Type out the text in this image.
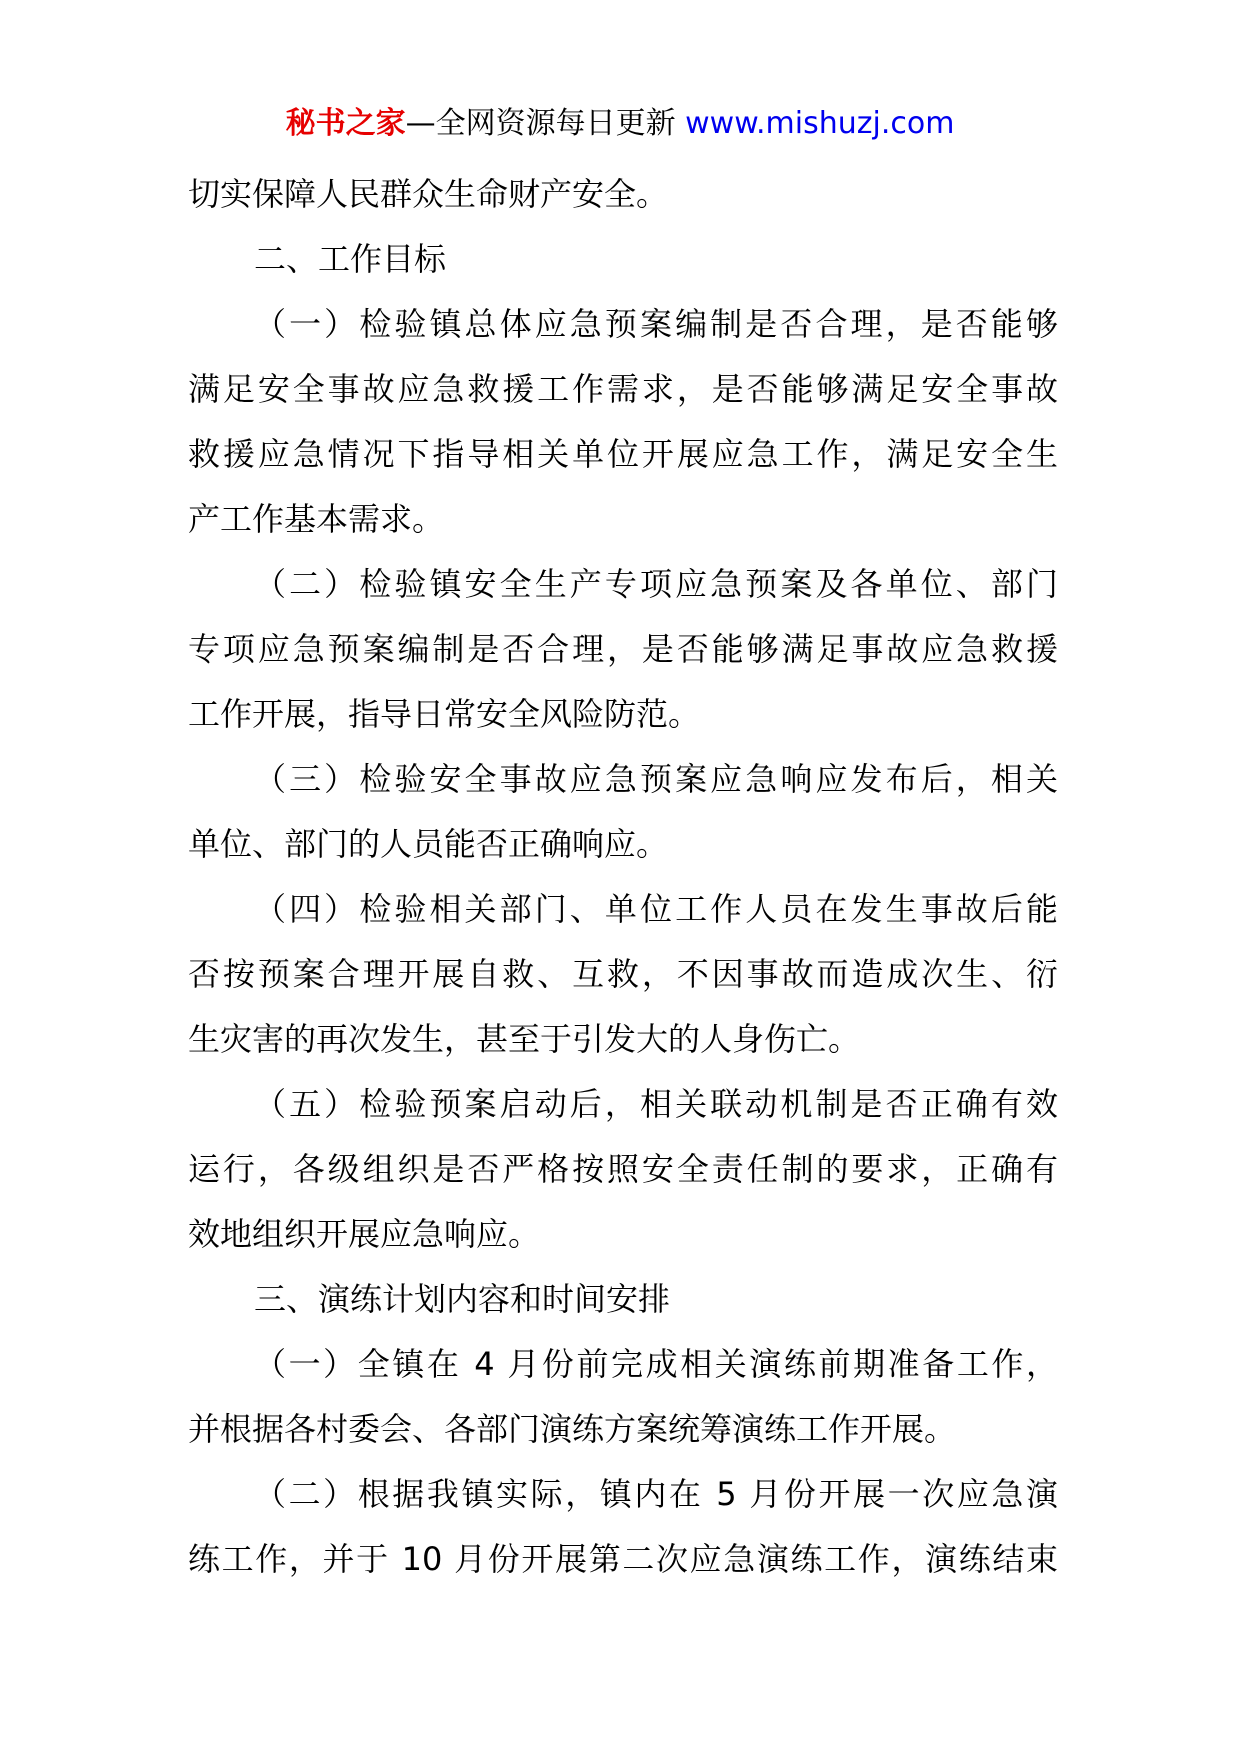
秘书之家—全网资源每日更新 www.mishuzj.com
切实保障人民群众生命财产安全。
二、工作目标
（一）检验镇总体应急预案编制是否合理，是否能够
满足安全事故应急救援工作需求，是否能够满足安全事故
救援应急情况下指导相关单位开展应急工作，满足安全生
产工作基本需求。
（二）检验镇安全生产专项应急预案及各单位、部门
专项应急预案编制是否合理，是否能够满足事故应急救援
工作开展，指导日常安全风险防范。
（三）检验安全事故应急预案应急响应发布后，相关
单位、部门的人员能否正确响应。
（四）检验相关部门、单位工作人员在发生事故后能
否按预案合理开展自救、互救，不因事故而造成次生、衍
生灾害的再次发生，甚至于引发大的人身伤亡。
（五）检验预案启动后，相关联动机制是否正确有效
运行，各级组织是否严格按照安全责任制的要求，正确有
效地组织开展应急响应。
三、演练计划内容和时间安排
（一）全镇在 4 月份前完成相关演练前期准备工作，
并根据各村委会、各部门演练方案统筹演练工作开展。
（二）根据我镇实际，镇内在 5 月份开展一次应急演
练工作，并于 10 月份开展第二次应急演练工作，演练结束
